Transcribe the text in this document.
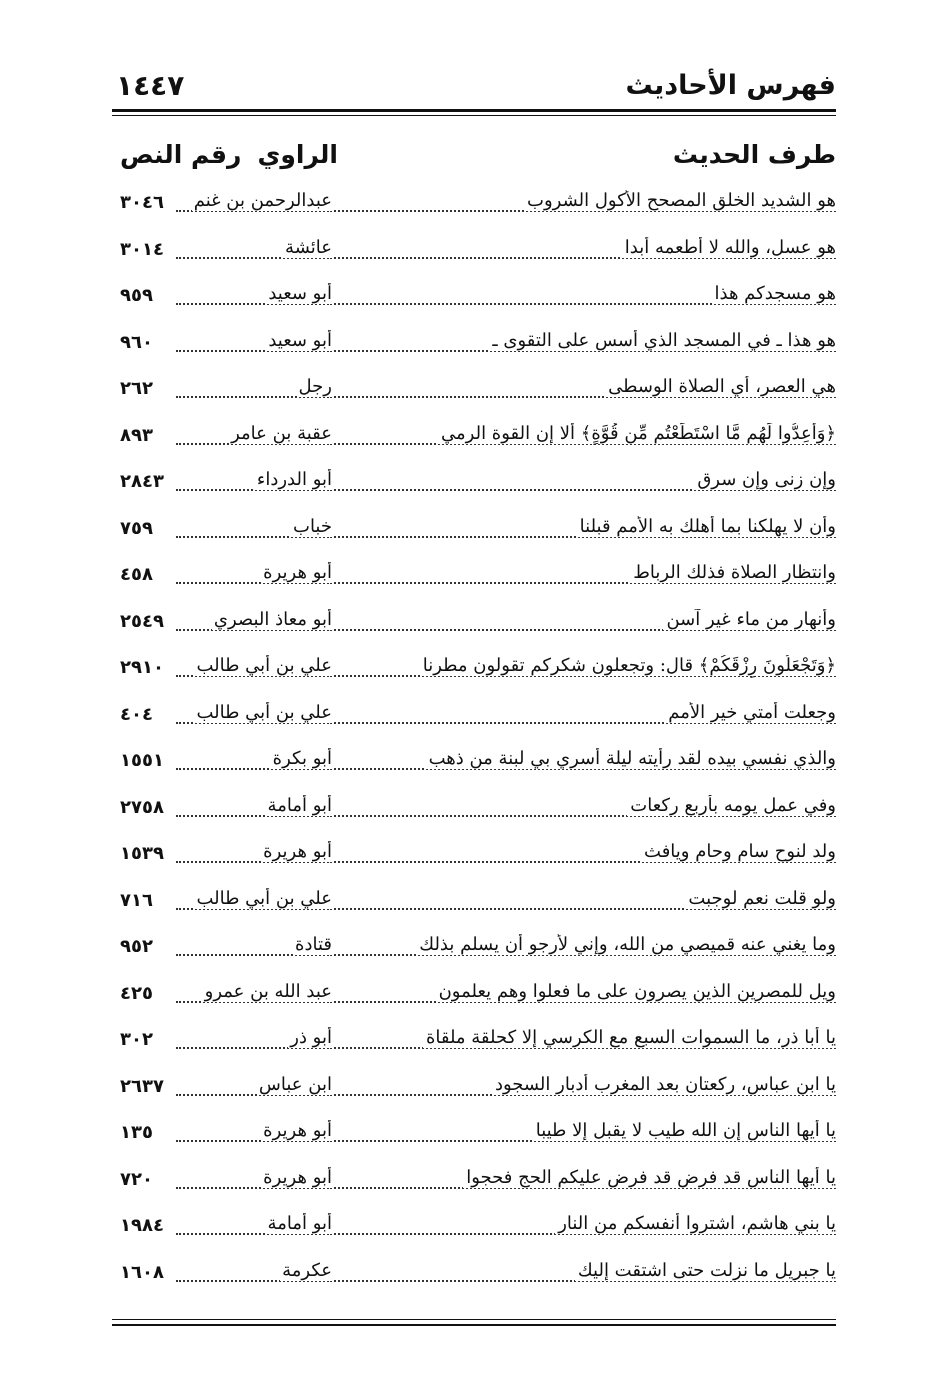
١٤٤٧	فهرس الأحاديث
طرف الحديث
الراوي
رقم النص
هو الشديد الخلق المصحح الأكول الشروب
عبدالرحمن بن غنم
٣٠٤٦
هو عسل، والله لا أطعمه أبدا
عائشة
٣٠١٤
هو مسجدكم هذا
أبو سعيد
٩٥٩
هو هذا ـ في المسجد الذي أسس على التقوى ـ
أبو سعيد
٩٦٠
هي العصر، أي الصلاة الوسطى
رجل
٢٦٢
﴿وَأَعِدُّوا لَهُم مَّا اسْتَطَعْتُم مِّن قُوَّةٍ﴾ ألا إن القوة الرمي
عقبة بن عامر
٨٩٣
وإن زنى وإن سرق
أبو الدرداء
٢٨٤٣
وأن لا يهلكنا بما أهلك به الأمم قبلنا
خباب
٧٥٩
وانتظار الصلاة فذلك الرباط
أبو هريرة
٤٥٨
وأنهار من ماء غير آسن
أبو معاذ البصري
٢٥٤٩
﴿وَتَجْعَلُونَ رِزْقَكُمْ﴾ قال: وتجعلون شكركم تقولون مطرنا
علي بن أبي طالب
٢٩١٠
وجعلت أمتي خير الأمم
علي بن أبي طالب
٤٠٤
والذي نفسي بيده لقد رأيته ليلة أسري بي لبنة من ذهب
أبو بكرة
١٥٥١
وفي عمل يومه بأربع ركعات
أبو أمامة
٢٧٥٨
ولد لنوح سام وحام ويافث
أبو هريرة
١٥٣٩
ولو قلت نعم لوجبت
علي بن أبي طالب
٧١٦
وما يغني عنه قميصي من الله، وإني لأرجو أن يسلم بذلك
قتادة
٩٥٢
ويل للمصرين الذين يصرون على ما فعلوا وهم يعلمون
عبد الله بن عمرو
٤٢٥
يا أبا ذر، ما السموات السبع مع الكرسي إلا كحلقة ملقاة
أبو ذر
٣٠٢
يا ابن عباس، ركعتان بعد المغرب أدبار السجود
ابن عباس
٢٦٣٧
يا أيها الناس إن الله طيب لا يقبل إلا طيبا
أبو هريرة
١٣٥
يا أيها الناس قد فرض قد فرض عليكم الحج فحجوا
أبو هريرة
٧٢٠
يا بني هاشم، اشتروا أنفسكم من النار
أبو أمامة
١٩٨٤
يا جبريل ما نزلت حتى اشتقت إليك
عكرمة
١٦٠٨
